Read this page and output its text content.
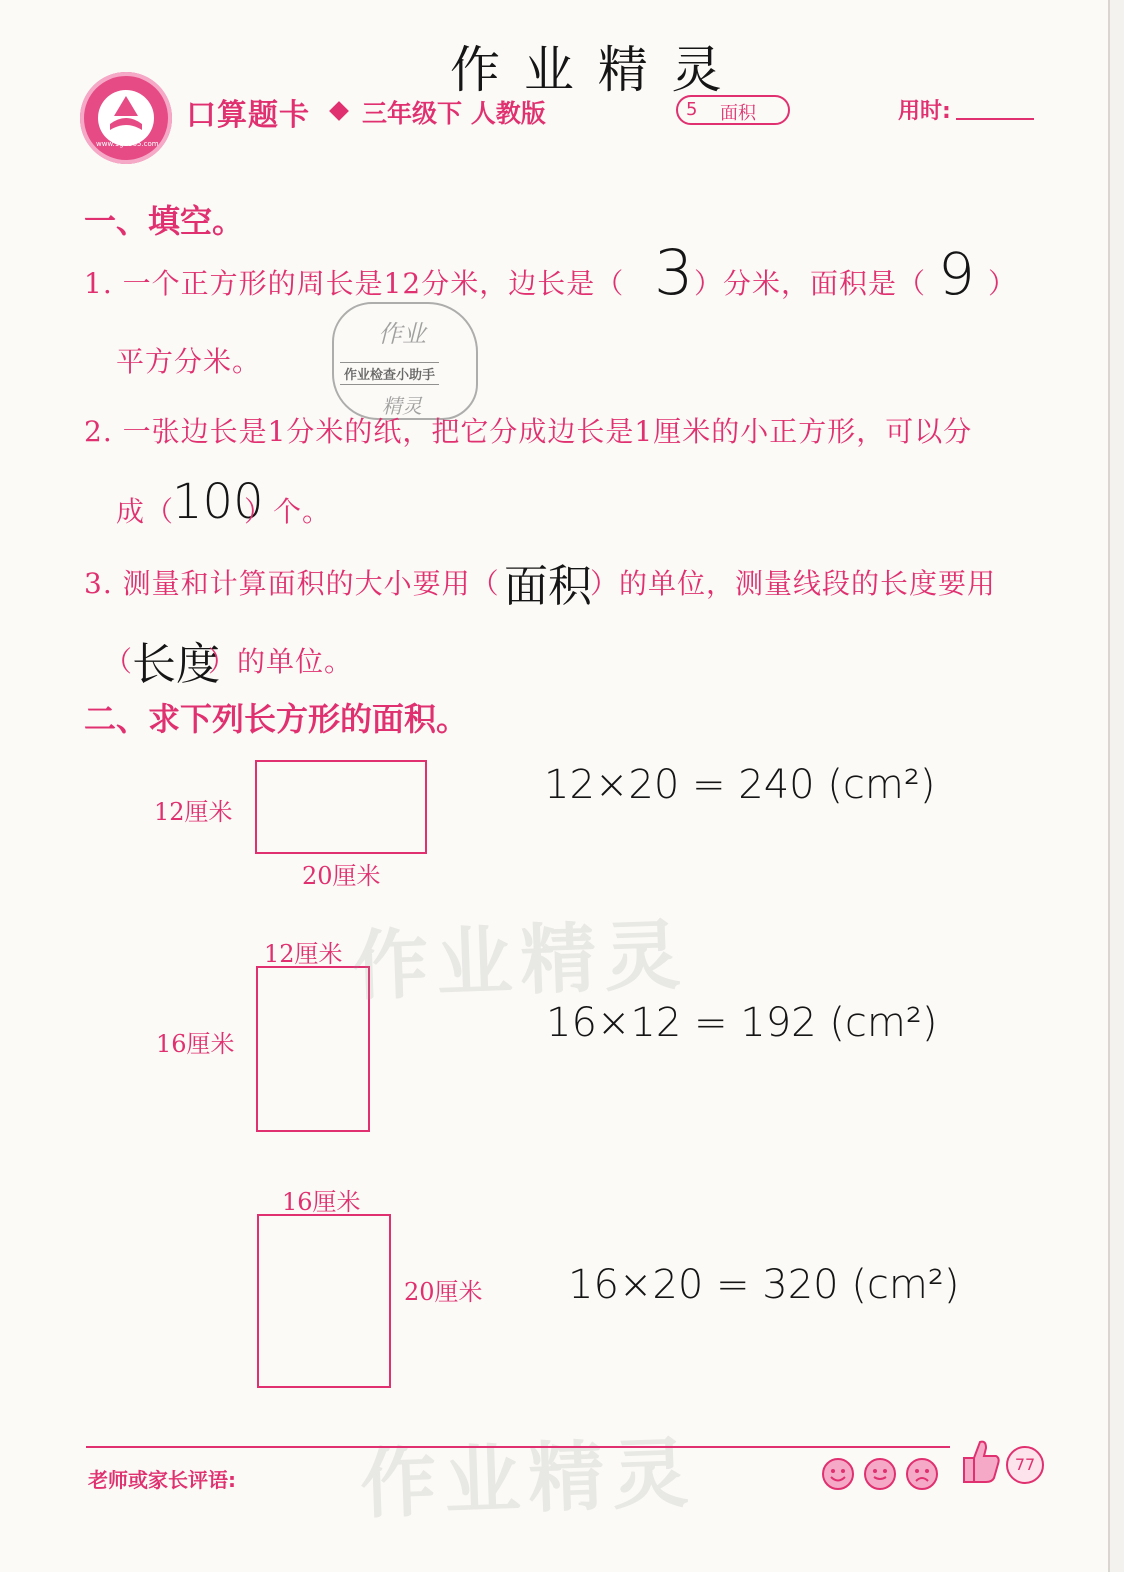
作 业 精 灵
www.1gu365.com
口算题卡 三年级下 人教版	5 面积	用时:
作业
作业检查小助手
精灵
一、填空。
1. 一个正方形的周长是12分米，边长是（ 3 ）分米，面积是（ 9 ）
平方分米。
2. 一张边长是1分米的纸，把它分成边长是1厘米的小正方形，可以分
成（
100
）个。
3. 测量和计算面积的大小要用（ 面积
）的单位，测量线段的长度要用
（
长度
）的单位。
二、求下列长方形的面积。
12厘米
20厘米
12×20 = 240 (cm²)
12厘米
16厘米	16×12 = 192 (cm²)
16厘米
20厘米 16×20 = 320 (cm²)
作业精灵
作业精灵
老师或家长评语:
77
